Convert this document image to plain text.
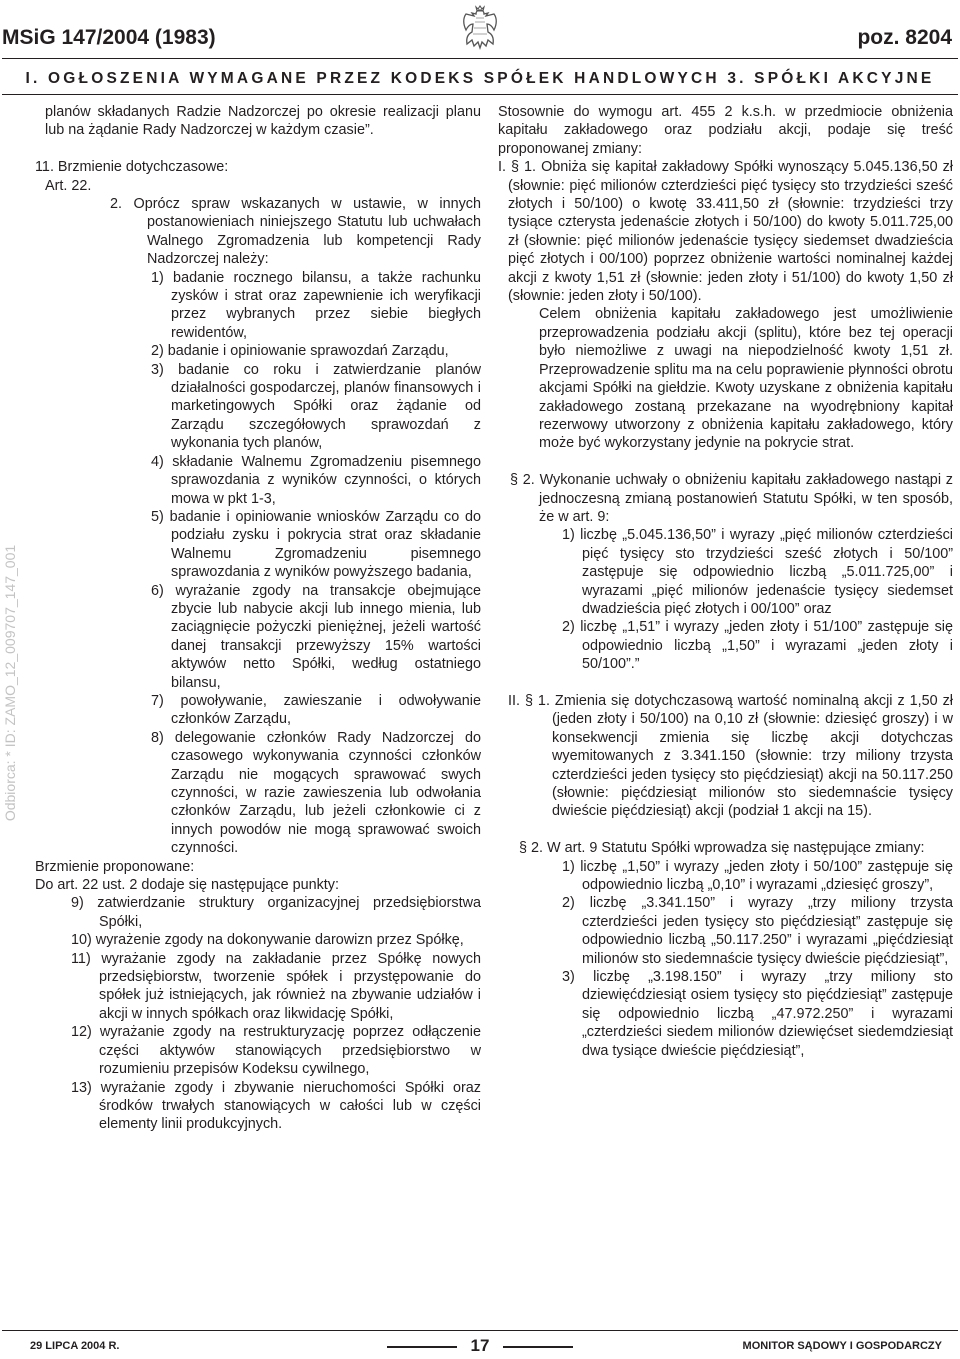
MSiG 147/2004 (1983)	poz. 8204
I. OGŁOSZENIA WYMAGANE PRZEZ KODEKS SPÓŁEK HANDLOWYCH 3. SPÓŁKI AKCYJNE
Odbiorca: * ID: ZAMO_12_009707_147_001

planów składanych Radzie Nadzorczej po okresie realizacji planu lub na żądanie Rady Nadzorczej w każdym czasie”.

11. Brzmienie dotychczasowe:

Art. 22.

2. Oprócz spraw wskazanych w ustawie, w innych postanowieniach niniejszego Statutu lub uchwałach Walnego Zgromadzenia lub kompetencji Rady Nadzorczej należy:

1) badanie rocznego bilansu, a także rachunku zysków i strat oraz zapewnienie ich weryfikacji przez wybranych przez siebie biegłych rewidentów,

2) badanie i opiniowanie sprawozdań Zarządu,

3) badanie co roku i zatwierdzanie planów działalności gospodarczej, planów finansowych i marketingowych Spółki oraz żądanie od Zarządu szczegółowych sprawozdań z wykonania tych planów,

4) składanie Walnemu Zgromadzeniu pisemnego sprawozdania z wyników czynności, o których mowa w pkt 1-3,

5) badanie i opiniowanie wniosków Zarządu co do podziału zysku i pokrycia strat oraz składanie Walnemu Zgromadzeniu pisemnego sprawozdania z wyników powyższego badania,

6) wyrażanie zgody na transakcje obejmujące zbycie lub nabycie akcji lub innego mienia, lub zaciągnięcie pożyczki pieniężnej, jeżeli wartość danej transakcji przewyższy 15% wartości aktywów netto Spółki, według ostatniego bilansu,

7) powoływanie, zawieszanie i odwoływanie członków Zarządu,

8) delegowanie członków Rady Nadzorczej do czasowego wykonywania czynności członków Zarządu nie mogących sprawować swych czynności, w razie zawieszenia lub odwołania członków Zarządu, lub jeżeli członkowie ci z innych powodów nie mogą sprawować swoich czynności.

Brzmienie proponowane:

Do art. 22 ust. 2 dodaje się następujące punkty:

9) zatwierdzanie struktury organizacyjnej przedsiębiorstwa Spółki,

10) wyrażenie zgody na dokonywanie darowizn przez Spółkę,

11) wyrażanie zgody na zakładanie przez Spółkę nowych przedsiębiorstw, tworzenie spółek i przystępowanie do spółek już istniejących, jak również na zbywanie udziałów i akcji w innych spółkach oraz likwidację Spółki,

12) wyrażanie zgody na restrukturyzację poprzez odłączenie części aktywów stanowiących przedsiębiorstwo w rozumieniu przepisów Kodeksu cywilnego,

13) wyrażanie zgody i zbywanie nieruchomości Spółki oraz środków trwałych stanowiących w całości lub w części elementy linii produkcyjnych.

Stosownie do wymogu art. 455 2 k.s.h. w przedmiocie obniżenia kapitału zakładowego oraz podziału akcji, podaje się treść proponowanej zmiany:

I. § 1. Obniża się kapitał zakładowy Spółki wynoszący 5.045.136,50 zł (słownie: pięć milionów czterdzieści pięć tysięcy sto trzydzieści sześć złotych i 50/100) o kwotę 33.411,50 zł (słownie: trzydzieści trzy tysiące czterysta jedenaście złotych i 50/100) do kwoty 5.011.725,00 zł (słownie: pięć milionów jedenaście tysięcy siedemset dwadzieścia pięć złotych i 00/100) poprzez obniżenie wartości nominalnej każdej akcji z kwoty 1,51 zł (słownie: jeden złoty i 51/100) do kwoty 1,50 zł (słownie: jeden złoty i 50/100).

Celem obniżenia kapitału zakładowego jest umożliwienie przeprowadzenia podziału akcji (splitu), które bez tej operacji było niemożliwe z uwagi na niepodzielność kwoty 1,51 zł. Przeprowadzenie splitu ma na celu poprawienie płynności obrotu akcjami Spółki na giełdzie. Kwoty uzyskane z obniżenia kapitału zakładowego zostaną przekazane na wyodrębniony kapitał rezerwowy utworzony z obniżenia kapitału zakładowego, który może być wykorzystany jedynie na pokrycie strat.

§ 2. Wykonanie uchwały o obniżeniu kapitału zakładowego nastąpi z jednoczesną zmianą postanowień Statutu Spółki, w ten sposób, że w art. 9:

1) liczbę „5.045.136,50” i wyrazy „pięć milionów czterdzieści pięć tysięcy sto trzydzieści sześć złotych i 50/100” zastępuje się odpowiednio liczbą „5.011.725,00” i wyrazami „pięć milionów jedenaście tysięcy siedemset dwadzieścia pięć złotych i 00/100” oraz

2) liczbę „1,51” i wyrazy „jeden złoty i 51/100” zastępuje się odpowiednio liczbą „1,50” i wyrazami „jeden złoty i 50/100”.”

II. § 1. Zmienia się dotychczasową wartość nominalną akcji z 1,50 zł (jeden złoty i 50/100) na 0,10 zł (słownie: dziesięć groszy) i w konsekwencji zmienia się liczbę akcji dotychczas wyemitowanych z 3.341.150 (słownie: trzy miliony trzysta czterdzieści jeden tysięcy sto pięćdziesiąt) akcji na 50.117.250 (słownie: pięćdziesiąt milionów sto siedemnaście tysięcy dwieście pięćdziesiąt) akcji (podział 1 akcji na 15).

§ 2. W art. 9 Statutu Spółki wprowadza się następujące zmiany:

1) liczbę „1,50” i wyrazy „jeden złoty i 50/100” zastępuje się odpowiednio liczbą „0,10” i wyrazami „dziesięć groszy”,

2) liczbę „3.341.150” i wyrazy „trzy miliony trzysta czterdzieści jeden tysięcy sto pięćdziesiąt” zastępuje się odpowiednio liczbą „50.117.250” i wyrazami „pięćdziesiąt milionów sto siedemnaście tysięcy dwieście pięćdziesiąt”,

3) liczbę „3.198.150” i wyrazy „trzy miliony sto dziewięćdziesiąt osiem tysięcy sto pięćdziesiąt” zastępuje się odpowiednio liczbą „47.972.250” i wyrazami „czterdzieści siedem milionów dziewięćset siedemdziesiąt dwa tysiące dwieście pięćdziesiąt”,

29 LIPCA 2004 R.	17	MONITOR SĄDOWY I GOSPODARCZY
